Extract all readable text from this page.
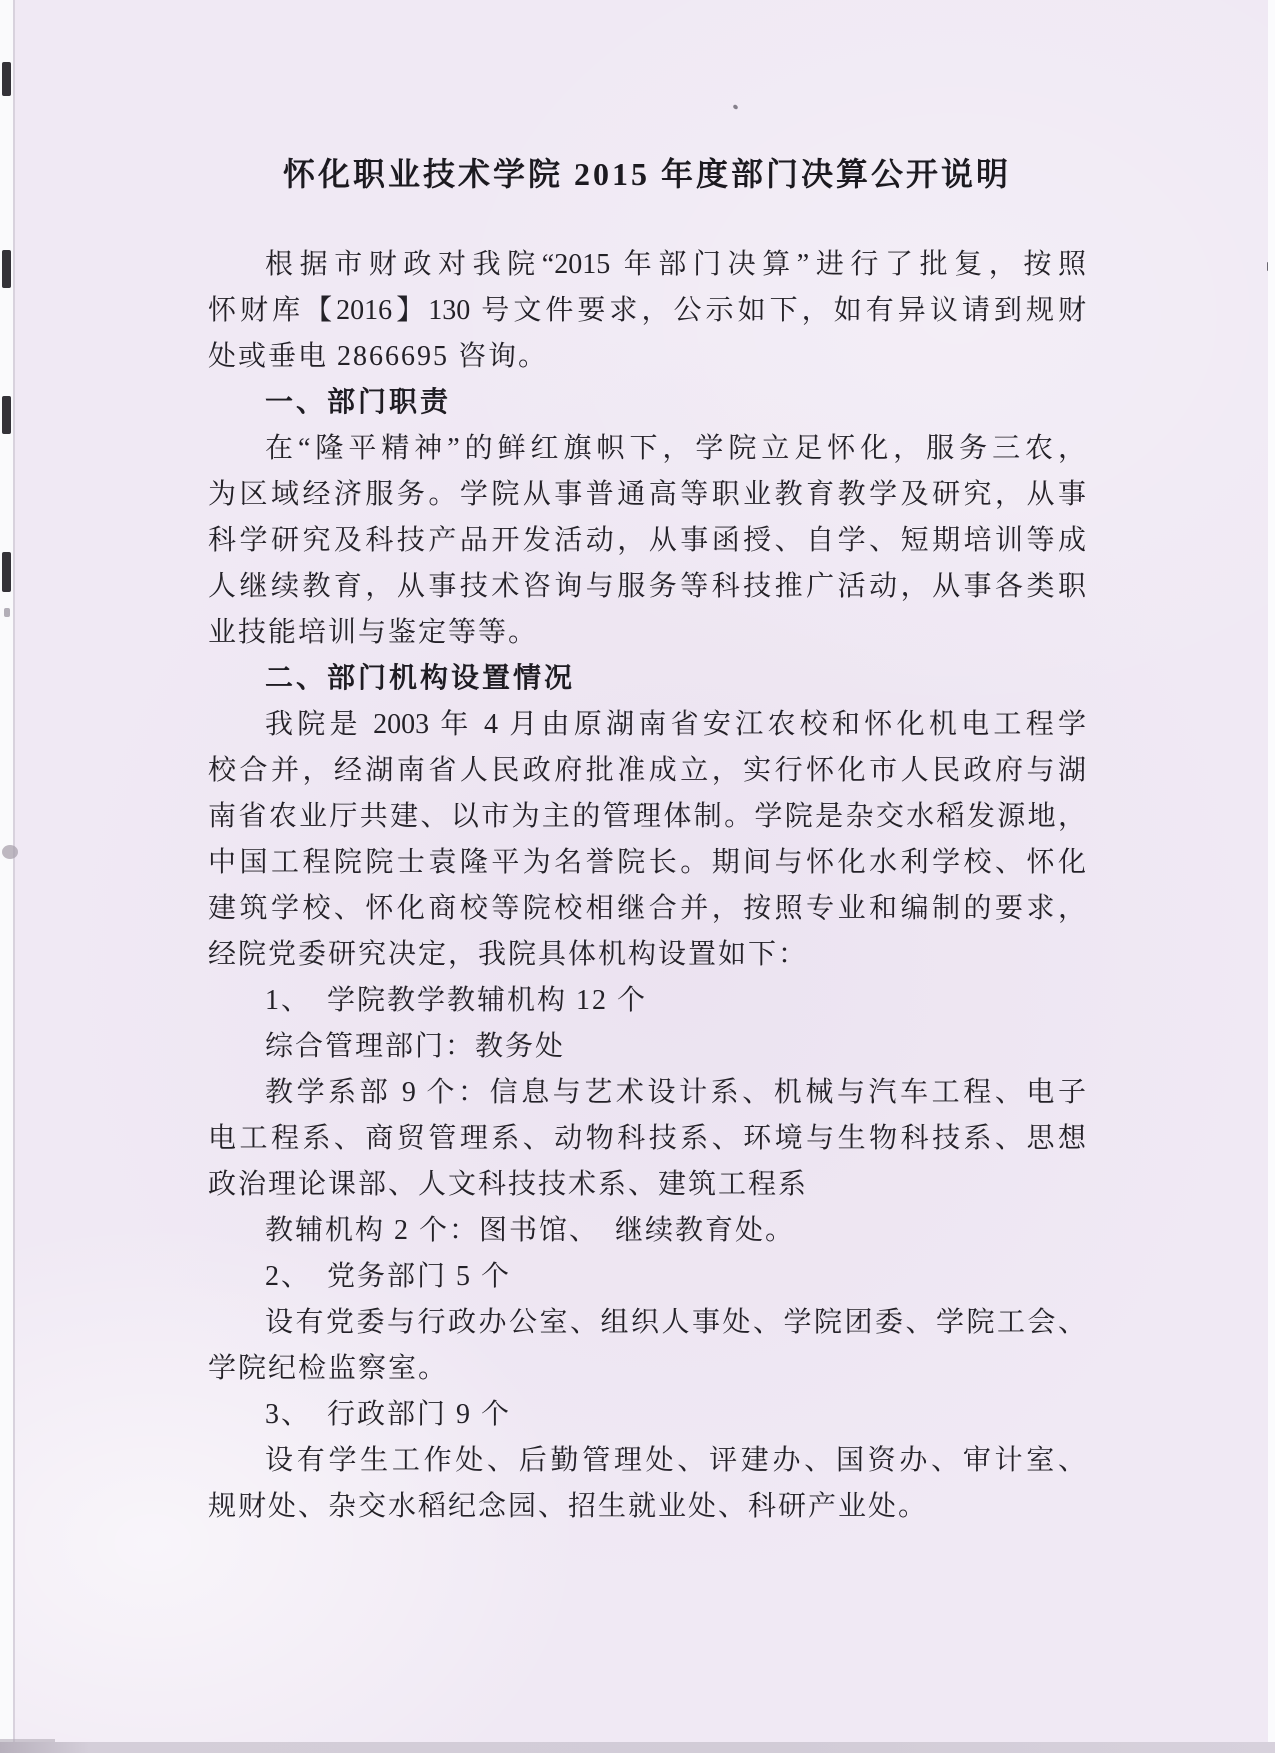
怀化职业技术学院 2015 年度部门决算公开说明
根据市财政对我院“2015 年部门决算”进行了批复，按照
怀财库【2016】130 号文件要求，公示如下，如有异议请到规财
处或垂电 2866695 咨询。
一、部门职责
在“隆平精神”的鲜红旗帜下，学院立足怀化，服务三农，
为区域经济服务。学院从事普通高等职业教育教学及研究，从事
科学研究及科技产品开发活动，从事函授、自学、短期培训等成
人继续教育，从事技术咨询与服务等科技推广活动，从事各类职
业技能培训与鉴定等等。
二、部门机构设置情况
我院是 2003 年 4 月由原湖南省安江农校和怀化机电工程学
校合并，经湖南省人民政府批准成立，实行怀化市人民政府与湖
南省农业厅共建、以市为主的管理体制。学院是杂交水稻发源地，
中国工程院院士袁隆平为名誉院长。期间与怀化水利学校、怀化
建筑学校、怀化商校等院校相继合并，按照专业和编制的要求，
经院党委研究决定，我院具体机构设置如下：
1、　学院教学教辅机构 12 个
综合管理部门：教务处
教学系部 9 个：信息与艺术设计系、机械与汽车工程、电子
电工程系、商贸管理系、动物科技系、环境与生物科技系、思想
政治理论课部、人文科技技术系、建筑工程系
教辅机构 2 个：图书馆、　继续教育处。
2、　党务部门 5 个
设有党委与行政办公室、组织人事处、学院团委、学院工会、
学院纪检监察室。
3、　行政部门 9 个
设有学生工作处、后勤管理处、评建办、国资办、审计室、
规财处、杂交水稻纪念园、招生就业处、科研产业处。
